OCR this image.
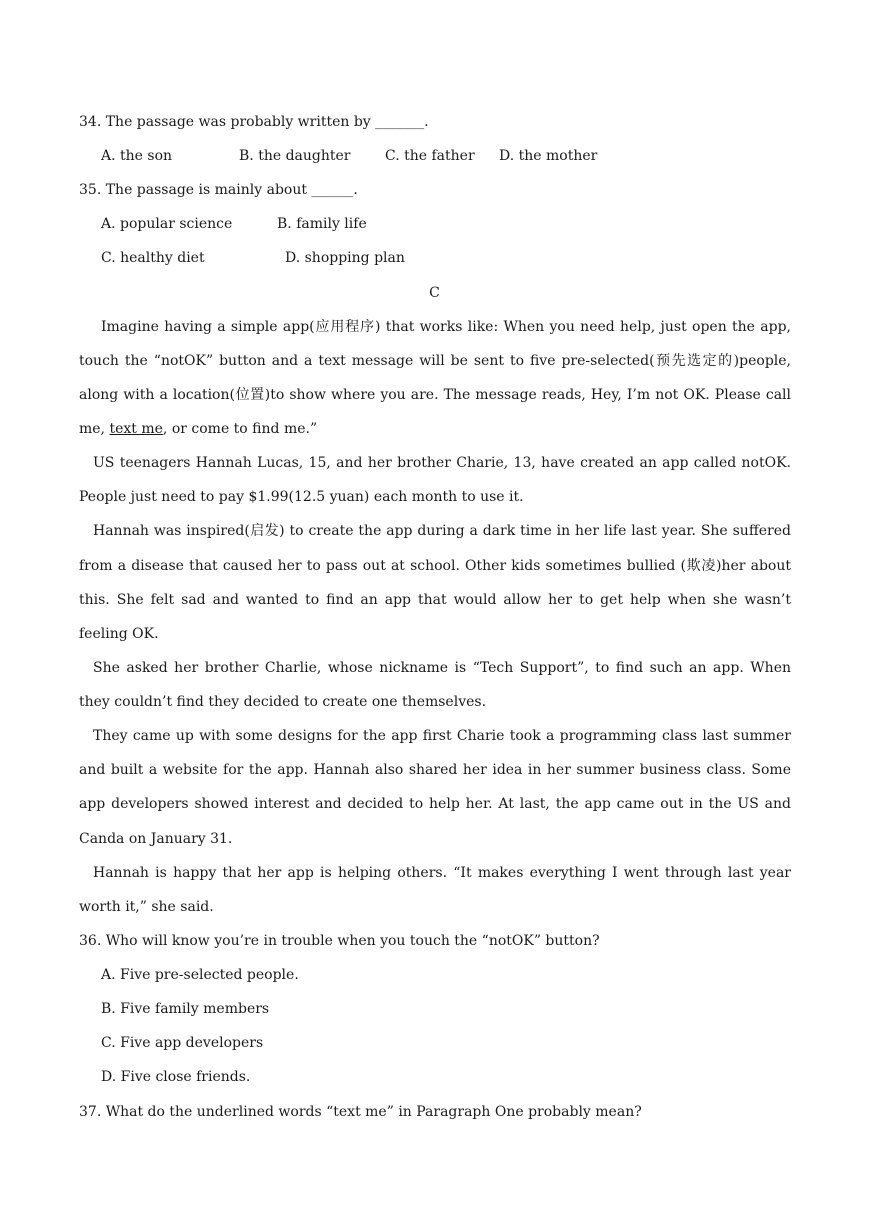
34. The passage was probably written by _______.
A. the son	B. the daughter C. the father D. the mother
35. The passage is mainly about ______.
A. popular science	B. family life
C. healthy diet	D. shopping plan
C
Imagine having a simple app(应用程序) that works like: When you need help, just open the app,
touch the “notOK” button and a text message will be sent to five pre-selected(预先选定的)people,
along with a location(位置)to show where you are. The message reads, Hey, I’m not OK. Please call
me, text me, or come to find me.”
US teenagers Hannah Lucas, 15, and her brother Charie, 13, have created an app called notOK.
People just need to pay $1.99(12.5 yuan) each month to use it.
Hannah was inspired(启发) to create the app during a dark time in her life last year. She suffered
from a disease that caused her to pass out at school. Other kids sometimes bullied (欺凌)her about
this. She felt sad and wanted to find an app that would allow her to get help when she wasn’t
feeling OK.
She asked her brother Charlie, whose nickname is “Tech Support”, to find such an app. When
they couldn’t find they decided to create one themselves.
They came up with some designs for the app first Charie took a programming class last summer
and built a website for the app. Hannah also shared her idea in her summer business class. Some
app developers showed interest and decided to help her. At last, the app came out in the US and
Canda on January 31.
Hannah is happy that her app is helping others. “It makes everything I went through last year
worth it,” she said.
36. Who will know you’re in trouble when you touch the “notOK” button?
A. Five pre-selected people.
B. Five family members
C. Five app developers
D. Five close friends.
37. What do the underlined words “text me” in Paragraph One probably mean?
